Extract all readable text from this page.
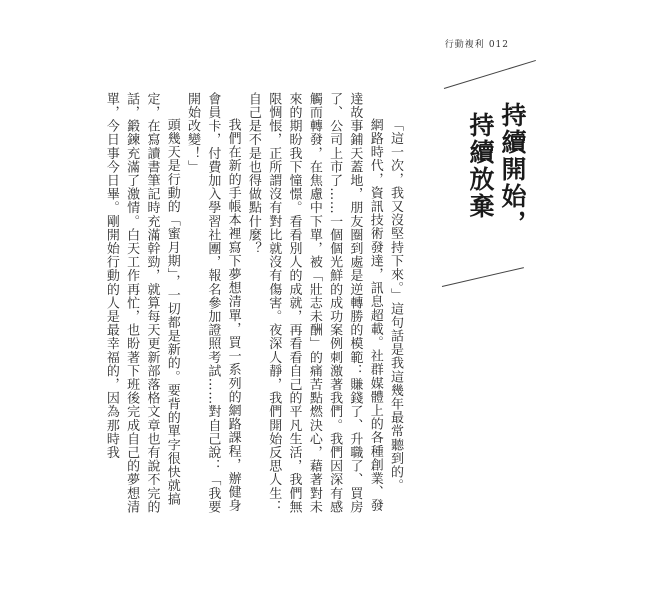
行動複利 012
持續開始，
持續放棄

「這一次，我又沒堅持下來。」這句話是我這幾年最常聽到的。

網路時代，資訊技術發達，訊息超載。社群媒體上的各種創業、發達故事鋪天蓋地，朋友圈到處是逆轉勝的模範：賺錢了、升職了、買房了、公司上市了……一個個光鮮的成功案例刺激著我們。我們因深有感觸而轉發，在焦慮中下單，被「壯志未酬」的痛苦點燃決心，藉著對未來的期盼我下憧憬。看看別人的成就，再看看自己的平凡生活，我們無限惆悵，正所謂沒有對比就沒有傷害。夜深人靜，我們開始反思人生：自己是不是也得做點什麼？

我們在新的手帳本裡寫下夢想清單，買一系列的網路課程，辦健身會員卡，付費加入學習社團，報名參加證照考試……對自己說：「我要開始改變！」

頭幾天是行動的「蜜月期」，一切都是新的。要背的單字很快就搞定，在寫讀書筆記時充滿幹勁，就算每天更新部落格文章也有說不完的話，鍛鍊充滿了激情。白天工作再忙，也盼著下班後完成自己的夢想清單，今日事今日畢。剛開始行動的人是最幸福的，因為那時我
